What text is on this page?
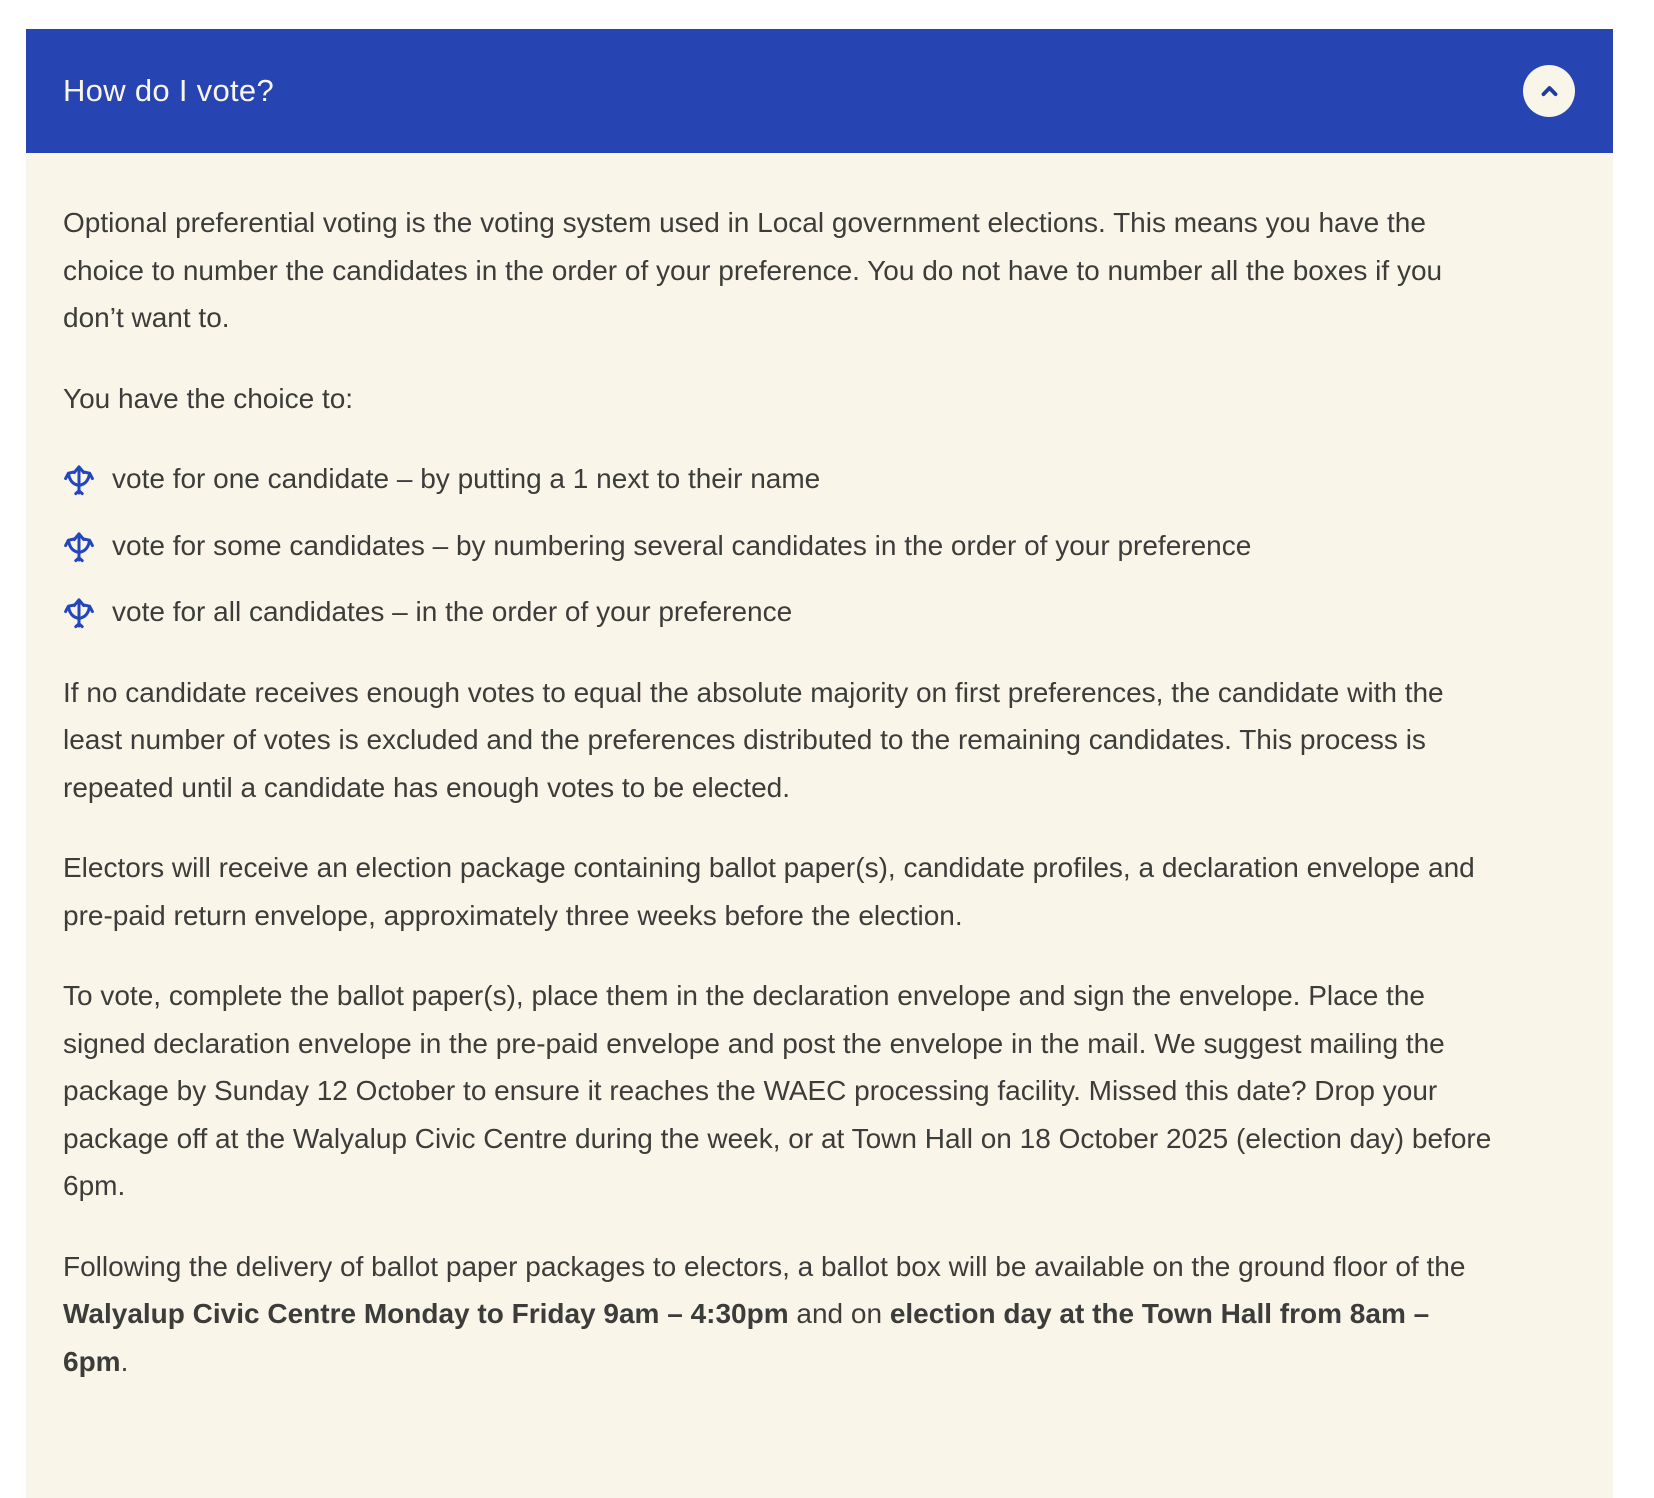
How do I vote?

Optional preferential voting is the voting system used in Local government elections. This means you have the choice to number the candidates in the order of your preference. You do not have to number all the boxes if you don’t want to.

You have the choice to:

vote for one candidate – by putting a 1 next to their name
vote for some candidates – by numbering several candidates in the order of your preference
vote for all candidates – in the order of your preference

If no candidate receives enough votes to equal the absolute majority on first preferences, the candidate with the least number of votes is excluded and the preferences distributed to the remaining candidates. This process is repeated until a candidate has enough votes to be elected.

Electors will receive an election package containing ballot paper(s), candidate profiles, a declaration envelope and pre-paid return envelope, approximately three weeks before the election.

To vote, complete the ballot paper(s), place them in the declaration envelope and sign the envelope. Place the signed declaration envelope in the pre-paid envelope and post the envelope in the mail. We suggest mailing the package by Sunday 12 October to ensure it reaches the WAEC processing facility. Missed this date? Drop your package off at the Walyalup Civic Centre during the week, or at Town Hall on 18 October 2025 (election day) before 6pm.

Following the delivery of ballot paper packages to electors, a ballot box will be available on the ground floor of the Walyalup Civic Centre Monday to Friday 9am – 4:30pm and on election day at the Town Hall from 8am – 6pm.
